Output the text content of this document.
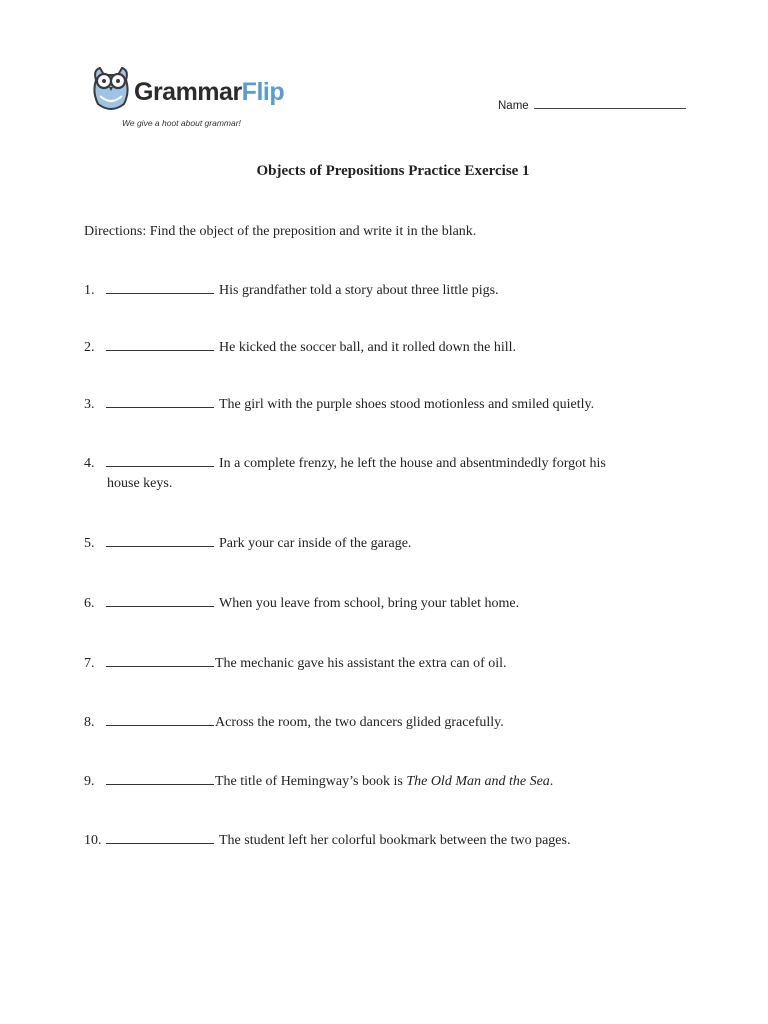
GrammarFlip
We give a hoot about grammar!
Name
Objects of Prepositions Practice Exercise 1
Directions: Find the object of the preposition and write it in the blank.
1.	His grandfather told a story about three little pigs.
2.	He kicked the soccer ball, and it rolled down the hill.
3.	The girl with the purple shoes stood motionless and smiled quietly.
4.	In a complete frenzy, he left the house and absentmindedly forgot his
house keys.
5.	Park your car inside of the garage.
6.	When you leave from school, bring your tablet home.
7.	The mechanic gave his assistant the extra can of oil.
8.	Across the room, the two dancers glided gracefully.
9.	The title of Hemingway’s book is The Old Man and the Sea.
10.	The student left her colorful bookmark between the two pages.
